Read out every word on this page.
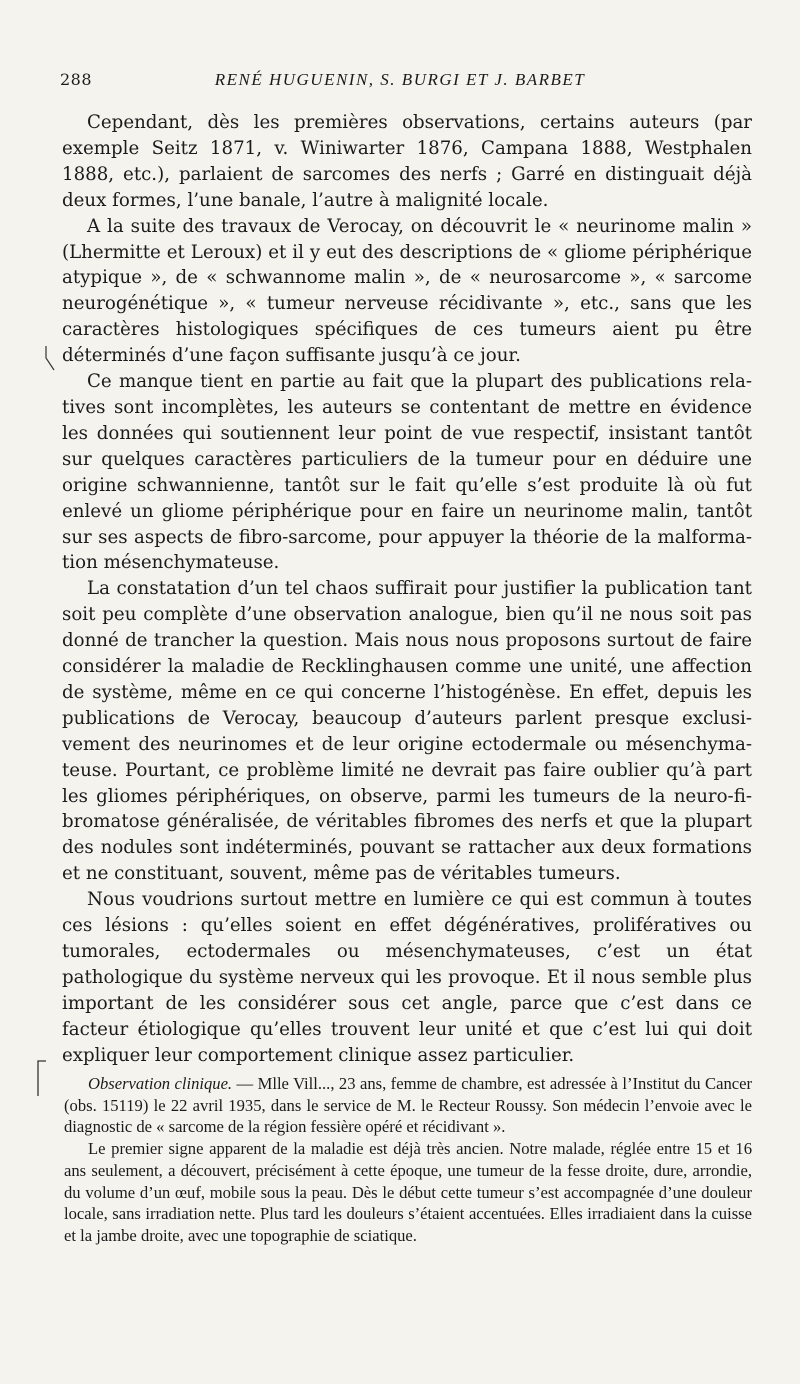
288	RENÉ HUGUENIN, S. BURGI ET J. BARBET

Cependant, dès les premières observations, certains auteurs (par exemple Seitz 1871, v. Winiwarter 1876, Campana 1888, Westphalen 1888, etc.), parlaient de sarcomes des nerfs ; Garré en distinguait déjà deux formes, l’une banale, l’autre à malignité locale.

A la suite des travaux de Verocay, on découvrit le « neurinome malin » (Lhermitte et Leroux) et il y eut des descriptions de « gliome périphérique atypique », de « schwannome malin », de « neurosarcome », « sarcome neurogénétique », « tumeur nerveuse récidivante », etc., sans que les caractères histologiques spécifiques de ces tumeurs aient pu être déterminés d’une façon suffisante jusqu’à ce jour.

Ce manque tient en partie au fait que la plupart des publications relatives sont incomplètes, les auteurs se contentant de mettre en évidence les données qui soutiennent leur point de vue respectif, insistant tantôt sur quelques caractères particuliers de la tumeur pour en déduire une origine schwannienne, tantôt sur le fait qu’elle s’est produite là où fut enlevé un gliome périphérique pour en faire un neurinome malin, tantôt sur ses aspects de fibro-sarcome, pour appuyer la théorie de la malformation mésenchymateuse.

La constatation d’un tel chaos suffirait pour justifier la publication tant soit peu complète d’une observation analogue, bien qu’il ne nous soit pas donné de trancher la question. Mais nous nous proposons surtout de faire considérer la maladie de Recklinghausen comme une unité, une affection de système, même en ce qui concerne l’histogénèse. En effet, depuis les publications de Verocay, beaucoup d’auteurs parlent presque exclusivement des neurinomes et de leur origine ectodermale ou mésenchymateuse. Pourtant, ce problème limité ne devrait pas faire oublier qu’à part les gliomes périphériques, on observe, parmi les tumeurs de la neuro-fibromatose généralisée, de véritables fibromes des nerfs et que la plupart des nodules sont indéterminés, pouvant se rattacher aux deux formations et ne constituant, souvent, même pas de véritables tumeurs.

Nous voudrions surtout mettre en lumière ce qui est commun à toutes ces lésions : qu’elles soient en effet dégénératives, prolifératives ou tumorales, ectodermales ou mésenchymateuses, c’est un état pathologique du système nerveux qui les provoque. Et il nous semble plus important de les considérer sous cet angle, parce que c’est dans ce facteur étiologique qu’elles trouvent leur unité et que c’est lui qui doit expliquer leur comportement clinique assez particulier.

Observation clinique. — Mlle Vill..., 23 ans, femme de chambre, est adressée à l’Institut du Cancer (obs. 15119) le 22 avril 1935, dans le service de M. le Recteur Roussy. Son médecin l’envoie avec le diagnostic de « sarcome de la région fessière opéré et récidivant ».

Le premier signe apparent de la maladie est déjà très ancien. Notre malade, réglée entre 15 et 16 ans seulement, a découvert, précisément à cette époque, une tumeur de la fesse droite, dure, arrondie, du volume d’un œuf, mobile sous la peau. Dès le début cette tumeur s’est accompagnée d’une douleur locale, sans irradiation nette. Plus tard les douleurs s’étaient accentuées. Elles irradiaient dans la cuisse et la jambe droite, avec une topographie de sciatique.
